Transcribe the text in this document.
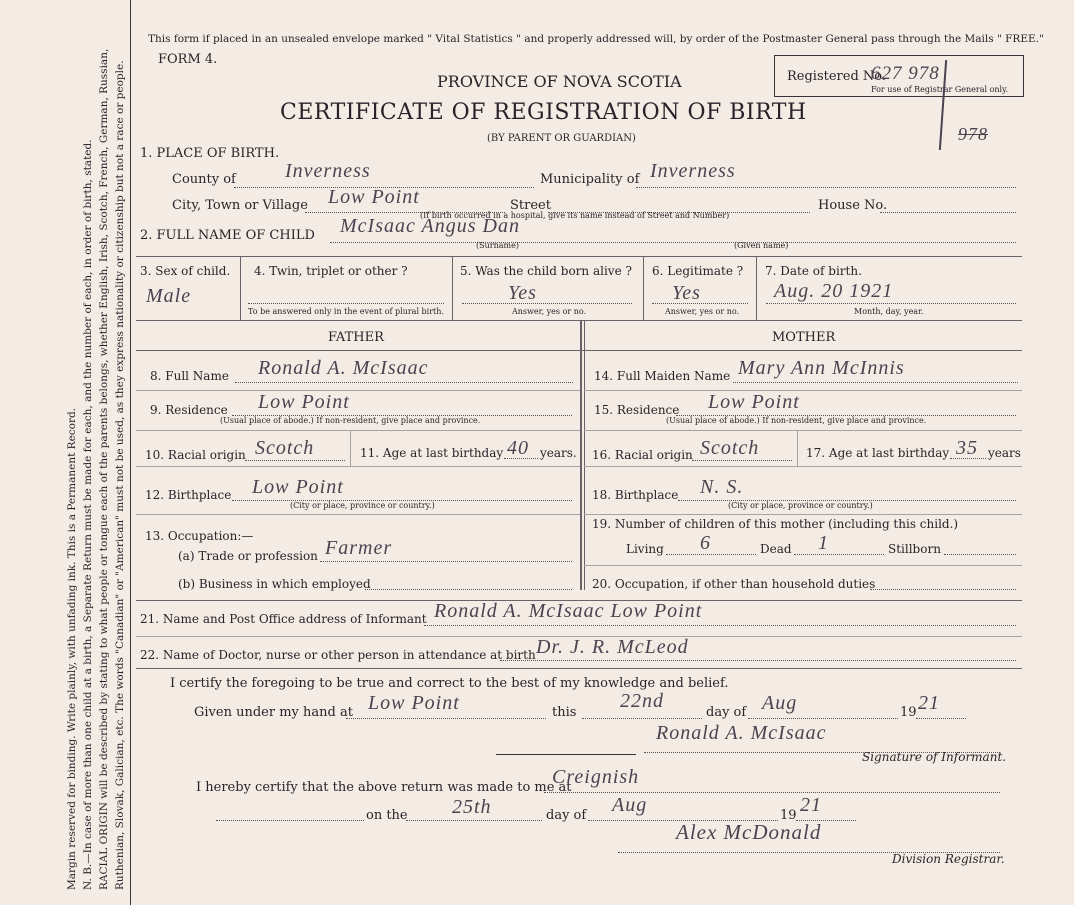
Margin reserved for binding. Write plainly, with unfading ink. This is a Permanent Record. N. B.—In case of more than one child at a birth, a Separate Return must be made for each, and the number of each, in order of birth, stated. RACIAL ORIGIN will be described by stating to what people or tongue each of the parents belongs, whether English, Irish, Scotch, French, German, Russian, Ruthenian, Slovak, Galician, etc. The words "Canadian" or "American" must not be used, as they express nationality or citizenship but not a race or people.
This form if placed in an unsealed envelope marked " Vital Statistics " and properly addressed will, by order of the Postmaster General pass through the Mails " FREE."
FORM 4.
PROVINCE OF NOVA SCOTIA
CERTIFICATE OF REGISTRATION OF BIRTH
(BY PARENT OR GUARDIAN)
Registered No.
627 978
For use of Registrar General only.
978
1. PLACE OF BIRTH.
County of Inverness	Municipality of Inverness
City, Town or Village Low Point	Street	House No.
(If birth occurred in a hospital, give its name instead of Street and Number)
2. FULL NAME OF CHILD McIsaac Angus Dan
(Surname)	(Given name)
3. Sex of child.
Male
4. Twin, triplet or other ?
To be answered only in the event of plural birth.
5. Was the child born alive ?
Yes
Answer, yes or no.
6. Legitimate ?
Yes
Answer, yes or no.
7. Date of birth.
Aug. 20 1921
Month, day, year.
FATHER	MOTHER
8. Full Name Ronald A. McIsaac
9. Residence Low Point
(Usual place of abode.) If non-resident, give place and province.
10. Racial origin Scotch	11. Age at last birthday 40 years.
12. Birthplace Low Point
(City or place, province or country.)
13. Occupation:—
(a) Trade or profession Farmer
(b) Business in which employed
14. Full Maiden Name Mary Ann McInnis
15. Residence Low Point
(Usual place of abode.) If non-resident, give place and province.
16. Racial origin Scotch	17. Age at last birthday 35 years
18. Birthplace N. S.
(City or place, province or country.)
19. Number of children of this mother (including this child.)
Living 6	Dead 1	Stillborn
20. Occupation, if other than household duties
21. Name and Post Office address of Informant Ronald A. McIsaac Low Point
22. Name of Doctor, nurse or other person in attendance at birth Dr. J. R. McLeod
I certify the foregoing to be true and correct to the best of my knowledge and belief.
Given under my hand at Low Point	this
22nd
day of Aug	19 21
Ronald A. McIsaac
Signature of Informant.
I hereby certify that the above return was made to me at
Creignish
on the 25th	day of Aug	19 21
Alex McDonald
Division Registrar.
